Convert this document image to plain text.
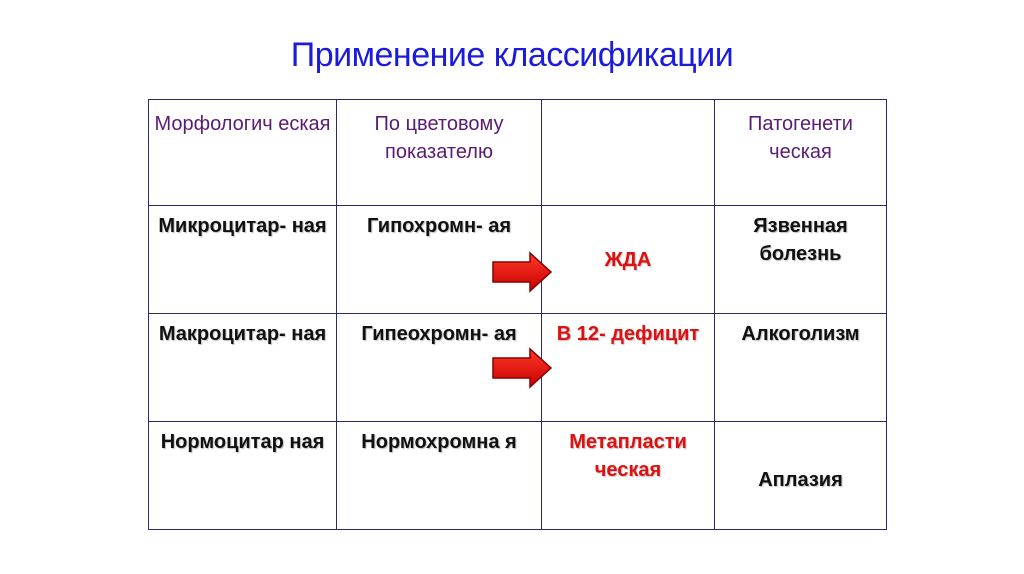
Применение классификации
Морфологич еская	По цветовому показателю		Патогенети ческая
Микроцитар- ная	Гипохромн- ая	ЖДА	Язвенная болезнь
Макроцитар- ная	Гипеохромн- ая	В 12- дефицит	Алкоголизм
Нормоцитар ная	Нормохромна я	Метапласти ческая	Аплазия
